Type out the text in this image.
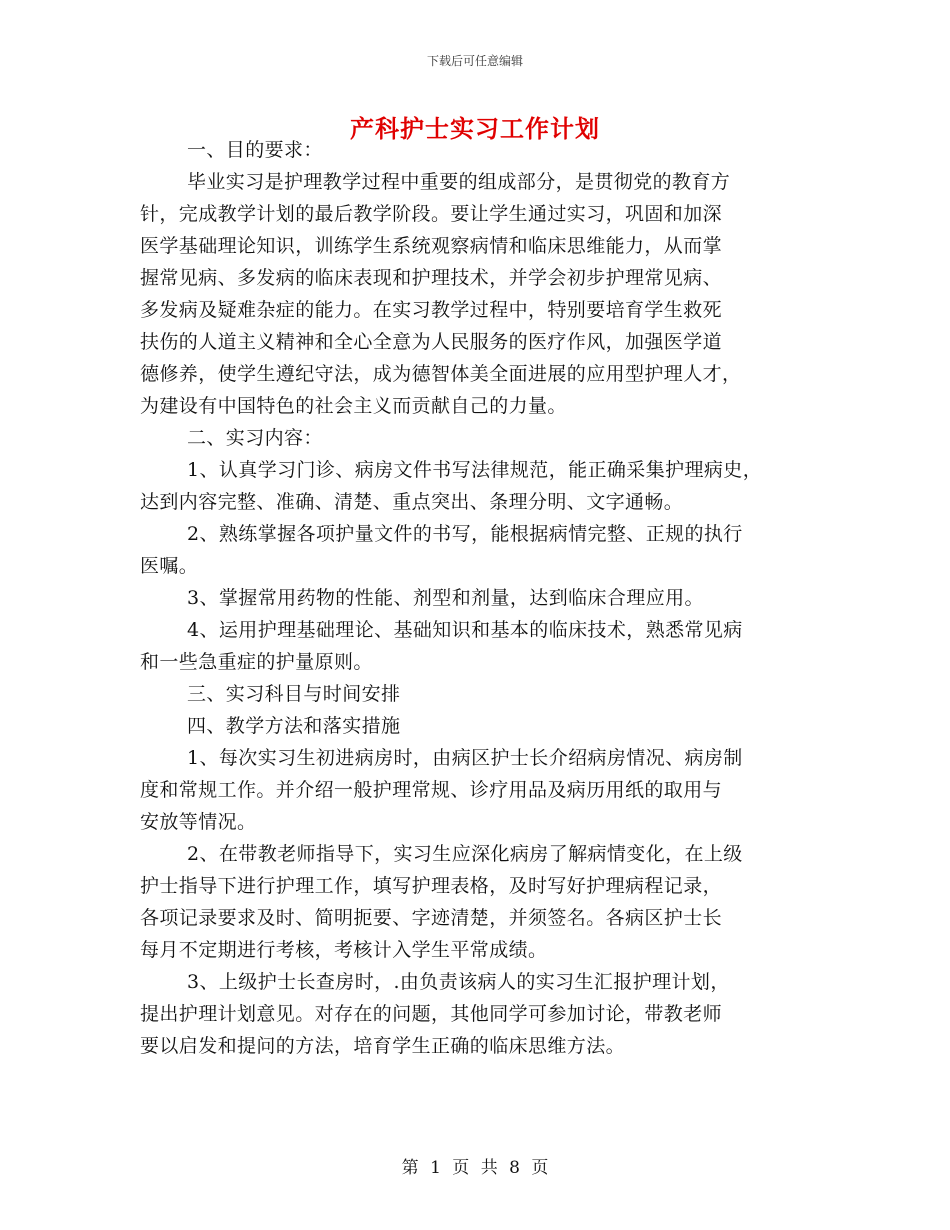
下载后可任意编辑
产科护士实习工作计划
一、目的要求：
毕业实习是护理教学过程中重要的组成部分，是贯彻党的教育方
针，完成教学计划的最后教学阶段。要让学生通过实习，巩固和加深
医学基础理论知识，训练学生系统观察病情和临床思维能力，从而掌
握常见病、多发病的临床表现和护理技术，并学会初步护理常见病、
多发病及疑难杂症的能力。在实习教学过程中，特别要培育学生救死
扶伤的人道主义精神和全心全意为人民服务的医疗作风，加强医学道
德修养，使学生遵纪守法，成为德智体美全面进展的应用型护理人才，
为建设有中国特色的社会主义而贡献自己的力量。
二、实习内容：
1、认真学习门诊、病房文件书写法律规范，能正确采集护理病史，
达到内容完整、准确、清楚、重点突出、条理分明、文字通畅。
2、熟练掌握各项护量文件的书写，能根据病情完整、正规的执行
医嘱。
3、掌握常用药物的性能、剂型和剂量，达到临床合理应用。
4、运用护理基础理论、基础知识和基本的临床技术，熟悉常见病
和一些急重症的护量原则。
三、实习科目与时间安排
四、教学方法和落实措施
1、每次实习生初进病房时，由病区护士长介绍病房情况、病房制
度和常规工作。并介绍一般护理常规、诊疗用品及病历用纸的取用与
安放等情况。
2、在带教老师指导下，实习生应深化病房了解病情变化，在上级
护士指导下进行护理工作，填写护理表格，及时写好护理病程记录，
各项记录要求及时、简明扼要、字迹清楚，并须签名。各病区护士长
每月不定期进行考核，考核计入学生平常成绩。
3、上级护士长查房时，.由负责该病人的实习生汇报护理计划，
提出护理计划意见。对存在的问题，其他同学可参加讨论，带教老师
要以启发和提问的方法，培育学生正确的临床思维方法。
第 1 页 共 8 页
